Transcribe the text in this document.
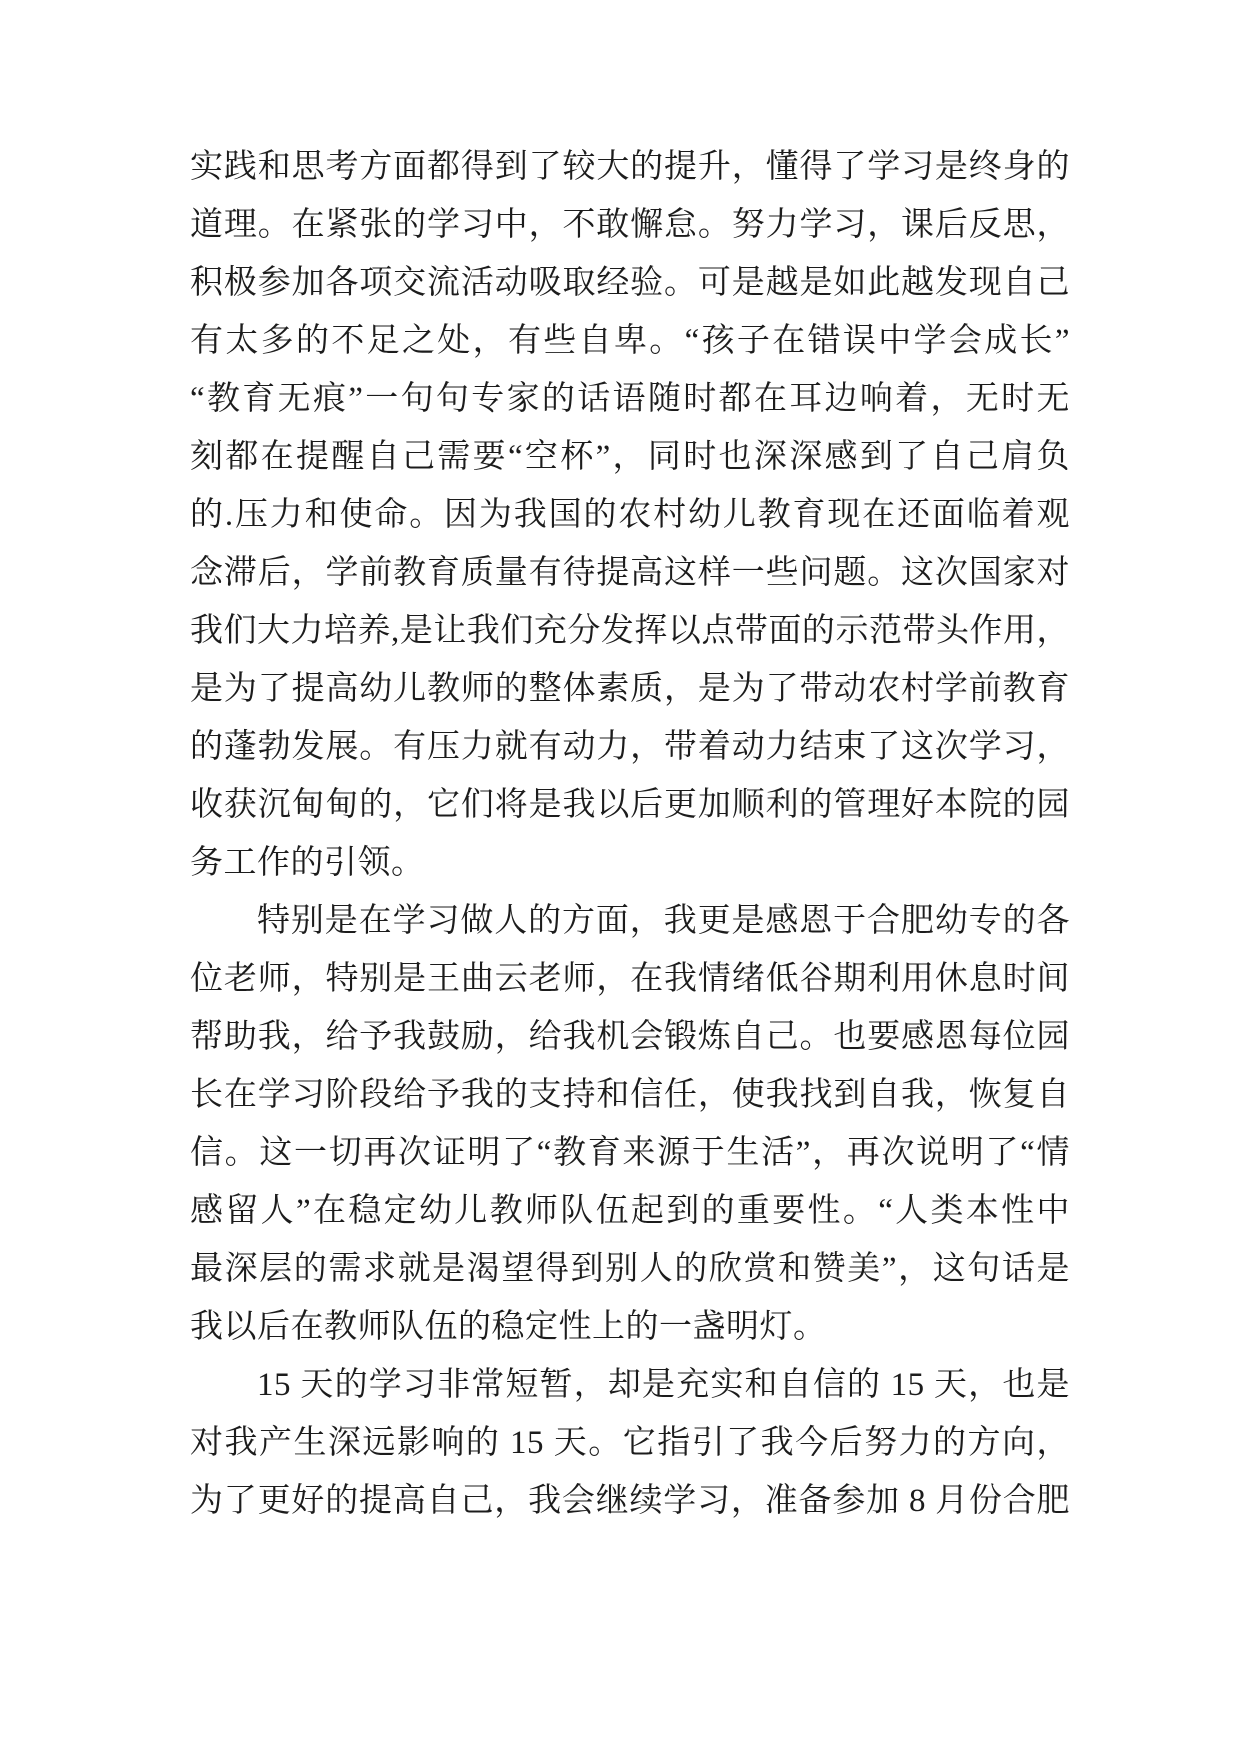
实践和思考方面都得到了较大的提升，懂得了学习是终身的
道理。在紧张的学习中，不敢懈怠。努力学习，课后反思，
积极参加各项交流活动吸取经验。可是越是如此越发现自己
有太多的不足之处，有些自卑。“孩子在错误中学会成长”
“教育无痕”一句句专家的话语随时都在耳边响着，无时无
刻都在提醒自己需要“空杯”，同时也深深感到了自己肩负
的.压力和使命。因为我国的农村幼儿教育现在还面临着观
念滞后，学前教育质量有待提高这样一些问题。这次国家对
我们大力培养,是让我们充分发挥以点带面的示范带头作用，
是为了提高幼儿教师的整体素质，是为了带动农村学前教育
的蓬勃发展。有压力就有动力，带着动力结束了这次学习，
收获沉甸甸的，它们将是我以后更加顺利的管理好本院的园
务工作的引领。
特别是在学习做人的方面，我更是感恩于合肥幼专的各
位老师，特别是王曲云老师，在我情绪低谷期利用休息时间
帮助我，给予我鼓励，给我机会锻炼自己。也要感恩每位园
长在学习阶段给予我的支持和信任，使我找到自我，恢复自
信。这一切再次证明了“教育来源于生活”，再次说明了“情
感留人”在稳定幼儿教师队伍起到的重要性。“人类本性中
最深层的需求就是渴望得到别人的欣赏和赞美”，这句话是
我以后在教师队伍的稳定性上的一盏明灯。
15 天的学习非常短暂，却是充实和自信的 15 天，也是
对我产生深远影响的 15 天。它指引了我今后努力的方向，
为了更好的提高自己，我会继续学习，准备参加 8 月份合肥
